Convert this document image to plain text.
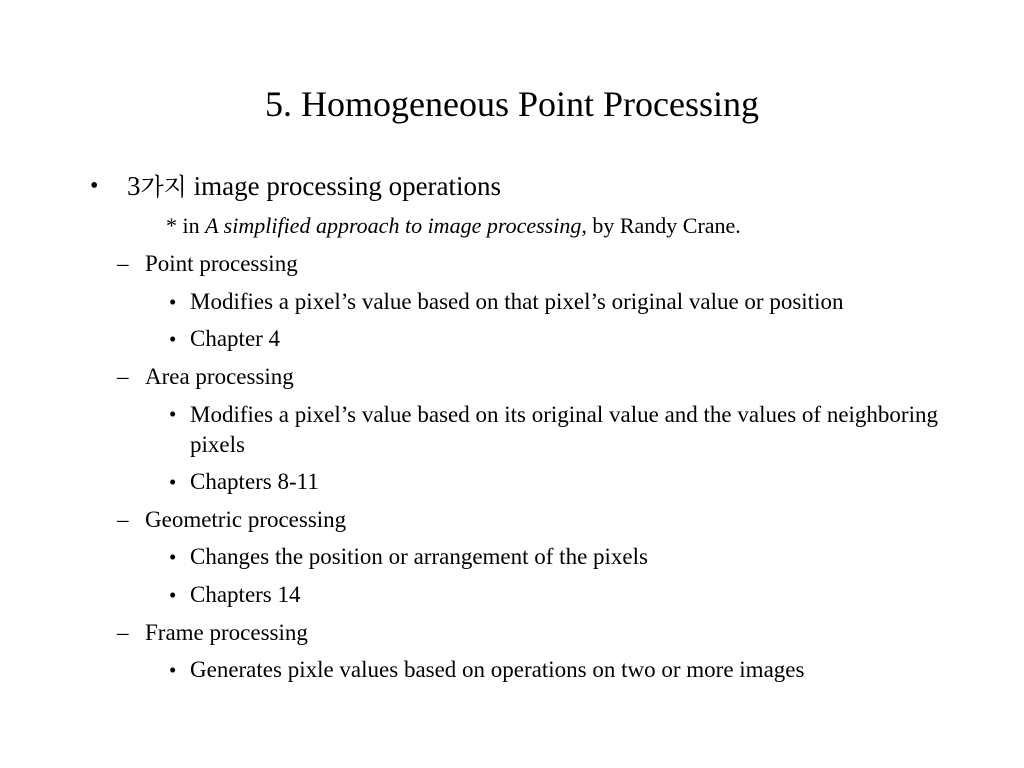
5. Homogeneous Point Processing
• 3가지 image processing operations
* in A simplified approach to image processing, by Randy Crane.
– Point processing
• Modifies a pixel’s value based on that pixel’s original value or position
• Chapter 4
– Area processing
• Modifies a pixel’s value based on its original value and the values of neighboring pixels
• Chapters 8-11
– Geometric processing
• Changes the position or arrangement of the pixels
• Chapters 14
– Frame processing
• Generates pixle values based on operations on two or more images
